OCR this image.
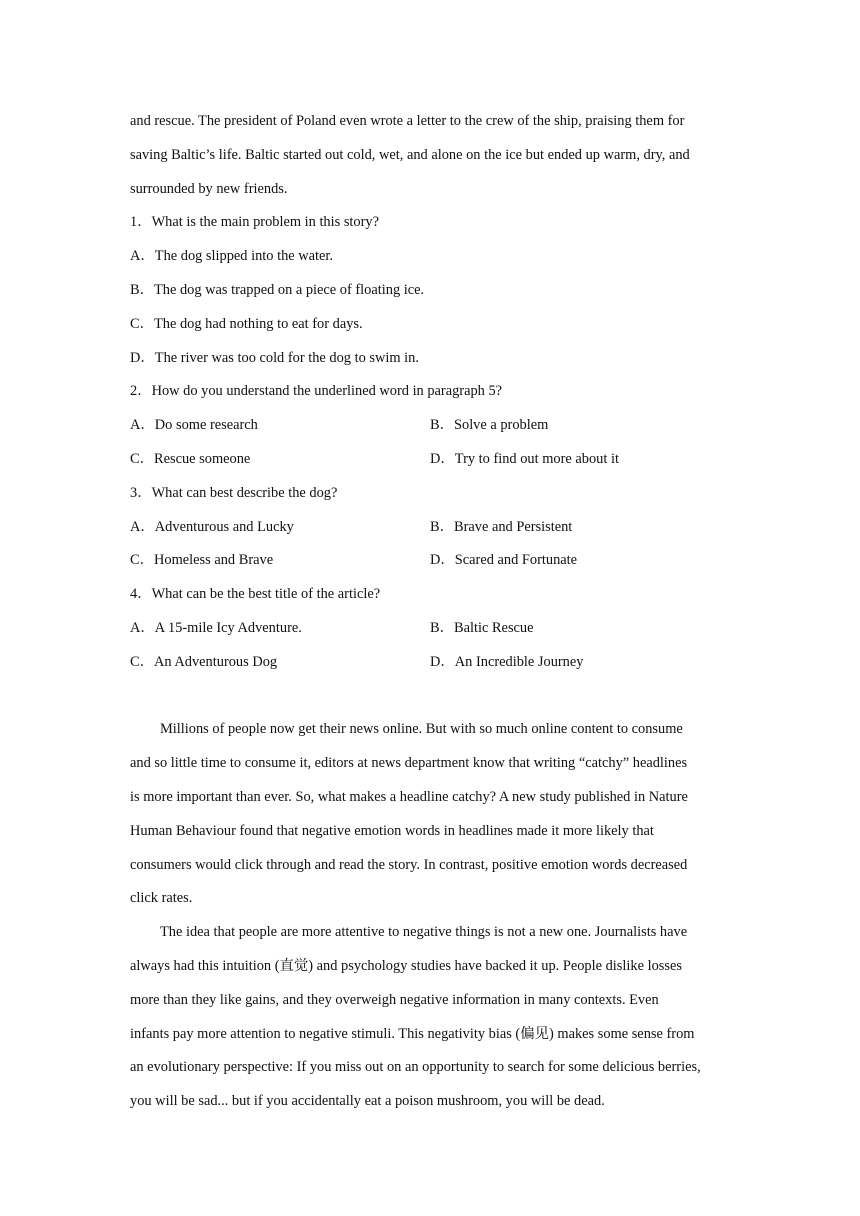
and rescue. The president of Poland even wrote a letter to the crew of the ship, praising them for
saving Baltic’s life. Baltic started out cold, wet, and alone on the ice but ended up warm, dry, and
surrounded by new friends.
1．What is the main problem in this story?
A．The dog slipped into the water.
B．The dog was trapped on a piece of floating ice.
C．The dog had nothing to eat for days.
D．The river was too cold for the dog to swim in.
2．How do you understand the underlined word in paragraph 5?
A．Do some research	B．Solve a problem
C．Rescue someone	D．Try to find out more about it
3．What can best describe the dog?
A．Adventurous and Lucky	B．Brave and Persistent
C．Homeless and Brave	D．Scared and Fortunate
4．What can be the best title of the article?
A．A 15-mile Icy Adventure.	B．Baltic Rescue
C．An Adventurous Dog	D．An Incredible Journey
Millions of people now get their news online. But with so much online content to consume
and so little time to consume it, editors at news department know that writing “catchy” headlines
is more important than ever. So, what makes a headline catchy? A new study published in Nature
Human Behaviour found that negative emotion words in headlines made it more likely that
consumers would click through and read the story. In contrast, positive emotion words decreased
click rates.
The idea that people are more attentive to negative things is not a new one. Journalists have
always had this intuition (直觉) and psychology studies have backed it up. People dislike losses
more than they like gains, and they overweigh negative information in many contexts. Even
infants pay more attention to negative stimuli. This negativity bias (偏见) makes some sense from
an evolutionary perspective: If you miss out on an opportunity to search for some delicious berries,
you will be sad... but if you accidentally eat a poison mushroom, you will be dead.
